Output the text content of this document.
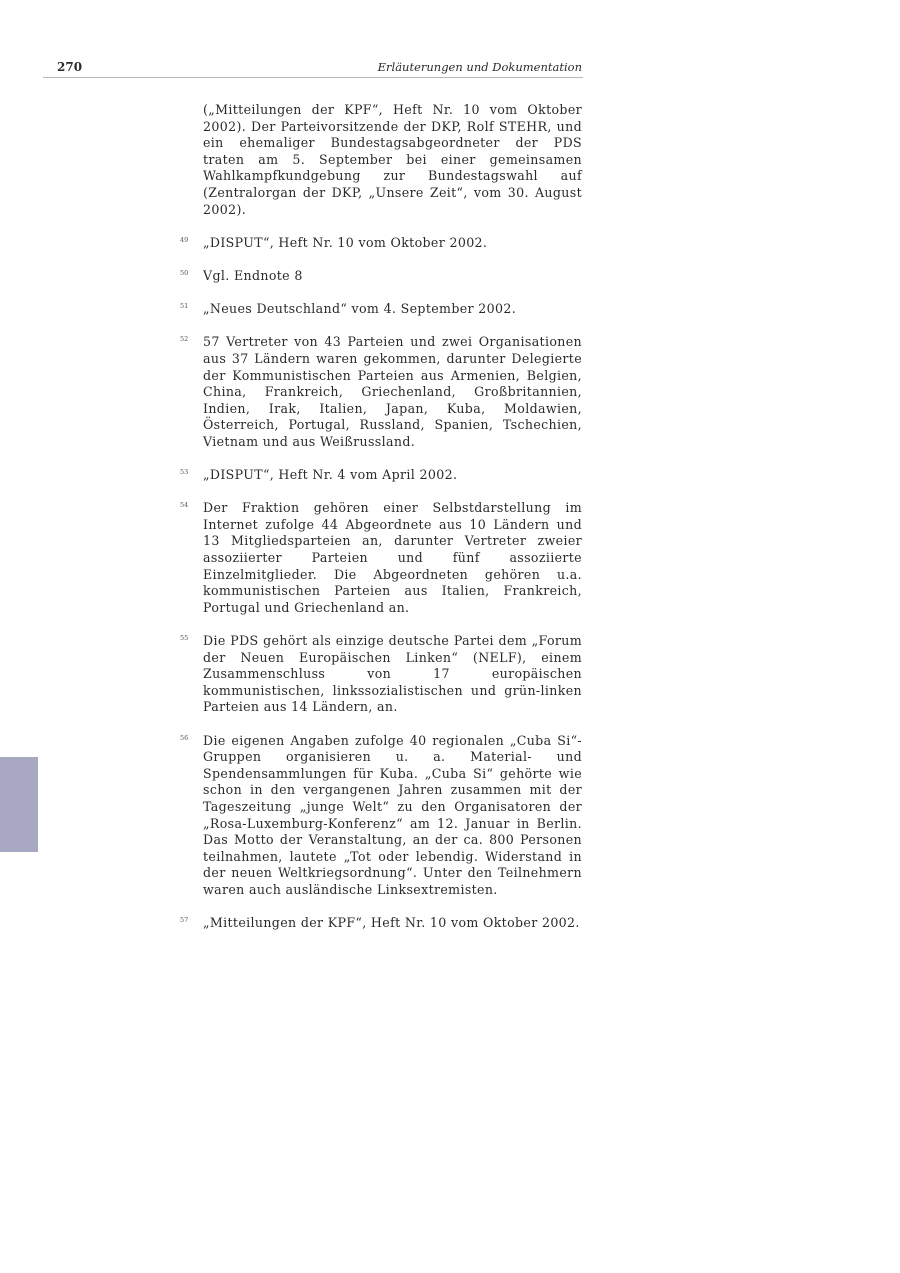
270	Erläuterungen und Dokumentation
(„Mitteilungen der KPF“, Heft Nr. 10 vom Oktober 2002). Der Parteivorsitzende der DKP, Rolf STEHR, und ein ehemaliger Bundestagsabgeordneter der PDS traten am 5. September bei einer gemeinsamen Wahlkampfkundgebung zur Bundestagswahl auf (Zentralorgan der DKP, „Unsere Zeit“, vom 30. August 2002).
49 „DISPUT“, Heft Nr. 10 vom Oktober 2002.
50 Vgl. Endnote 8
51 „Neues Deutschland“ vom 4. September 2002.
52 57 Vertreter von 43 Parteien und zwei Organisationen aus 37 Ländern waren gekommen, darunter Delegierte der Kommunistischen Parteien aus Armenien, Belgien, China, Frankreich, Griechenland, Großbritannien, Indien, Irak, Italien, Japan, Kuba, Moldawien, Österreich, Portugal, Russland, Spanien, Tschechien, Vietnam und aus Weißrussland.
53 „DISPUT“, Heft Nr. 4 vom April 2002.
54 Der Fraktion gehören einer Selbstdarstellung im Internet zufolge 44 Abgeordnete aus 10 Ländern und 13 Mitgliedsparteien an, darunter Vertreter zweier assoziierter Parteien und fünf assoziierte Einzelmitglieder. Die Abgeordneten gehören u.a. kommunistischen Parteien aus Italien, Frankreich, Portugal und Griechenland an.
55 Die PDS gehört als einzige deutsche Partei dem „Forum der Neuen Europäischen Linken“ (NELF), einem Zusammenschluss von 17 europäischen kommunistischen, linkssozialistischen und grün-linken Parteien aus 14 Ländern, an.
56 Die eigenen Angaben zufolge 40 regionalen „Cuba Si“-Gruppen organisieren u. a. Material- und Spendensammlungen für Kuba. „Cuba Si“ gehörte wie schon in den vergangenen Jahren zusammen mit der Tageszeitung „junge Welt“ zu den Organisatoren der „Rosa-Luxemburg-Konferenz“ am 12. Januar in Berlin. Das Motto der Veranstaltung, an der ca. 800 Personen teilnahmen, lautete „Tot oder lebendig. Widerstand in der neuen Weltkriegsordnung“. Unter den Teilnehmern waren auch ausländische Linksextremisten.
57 „Mitteilungen der KPF“, Heft Nr. 10 vom Oktober 2002.
